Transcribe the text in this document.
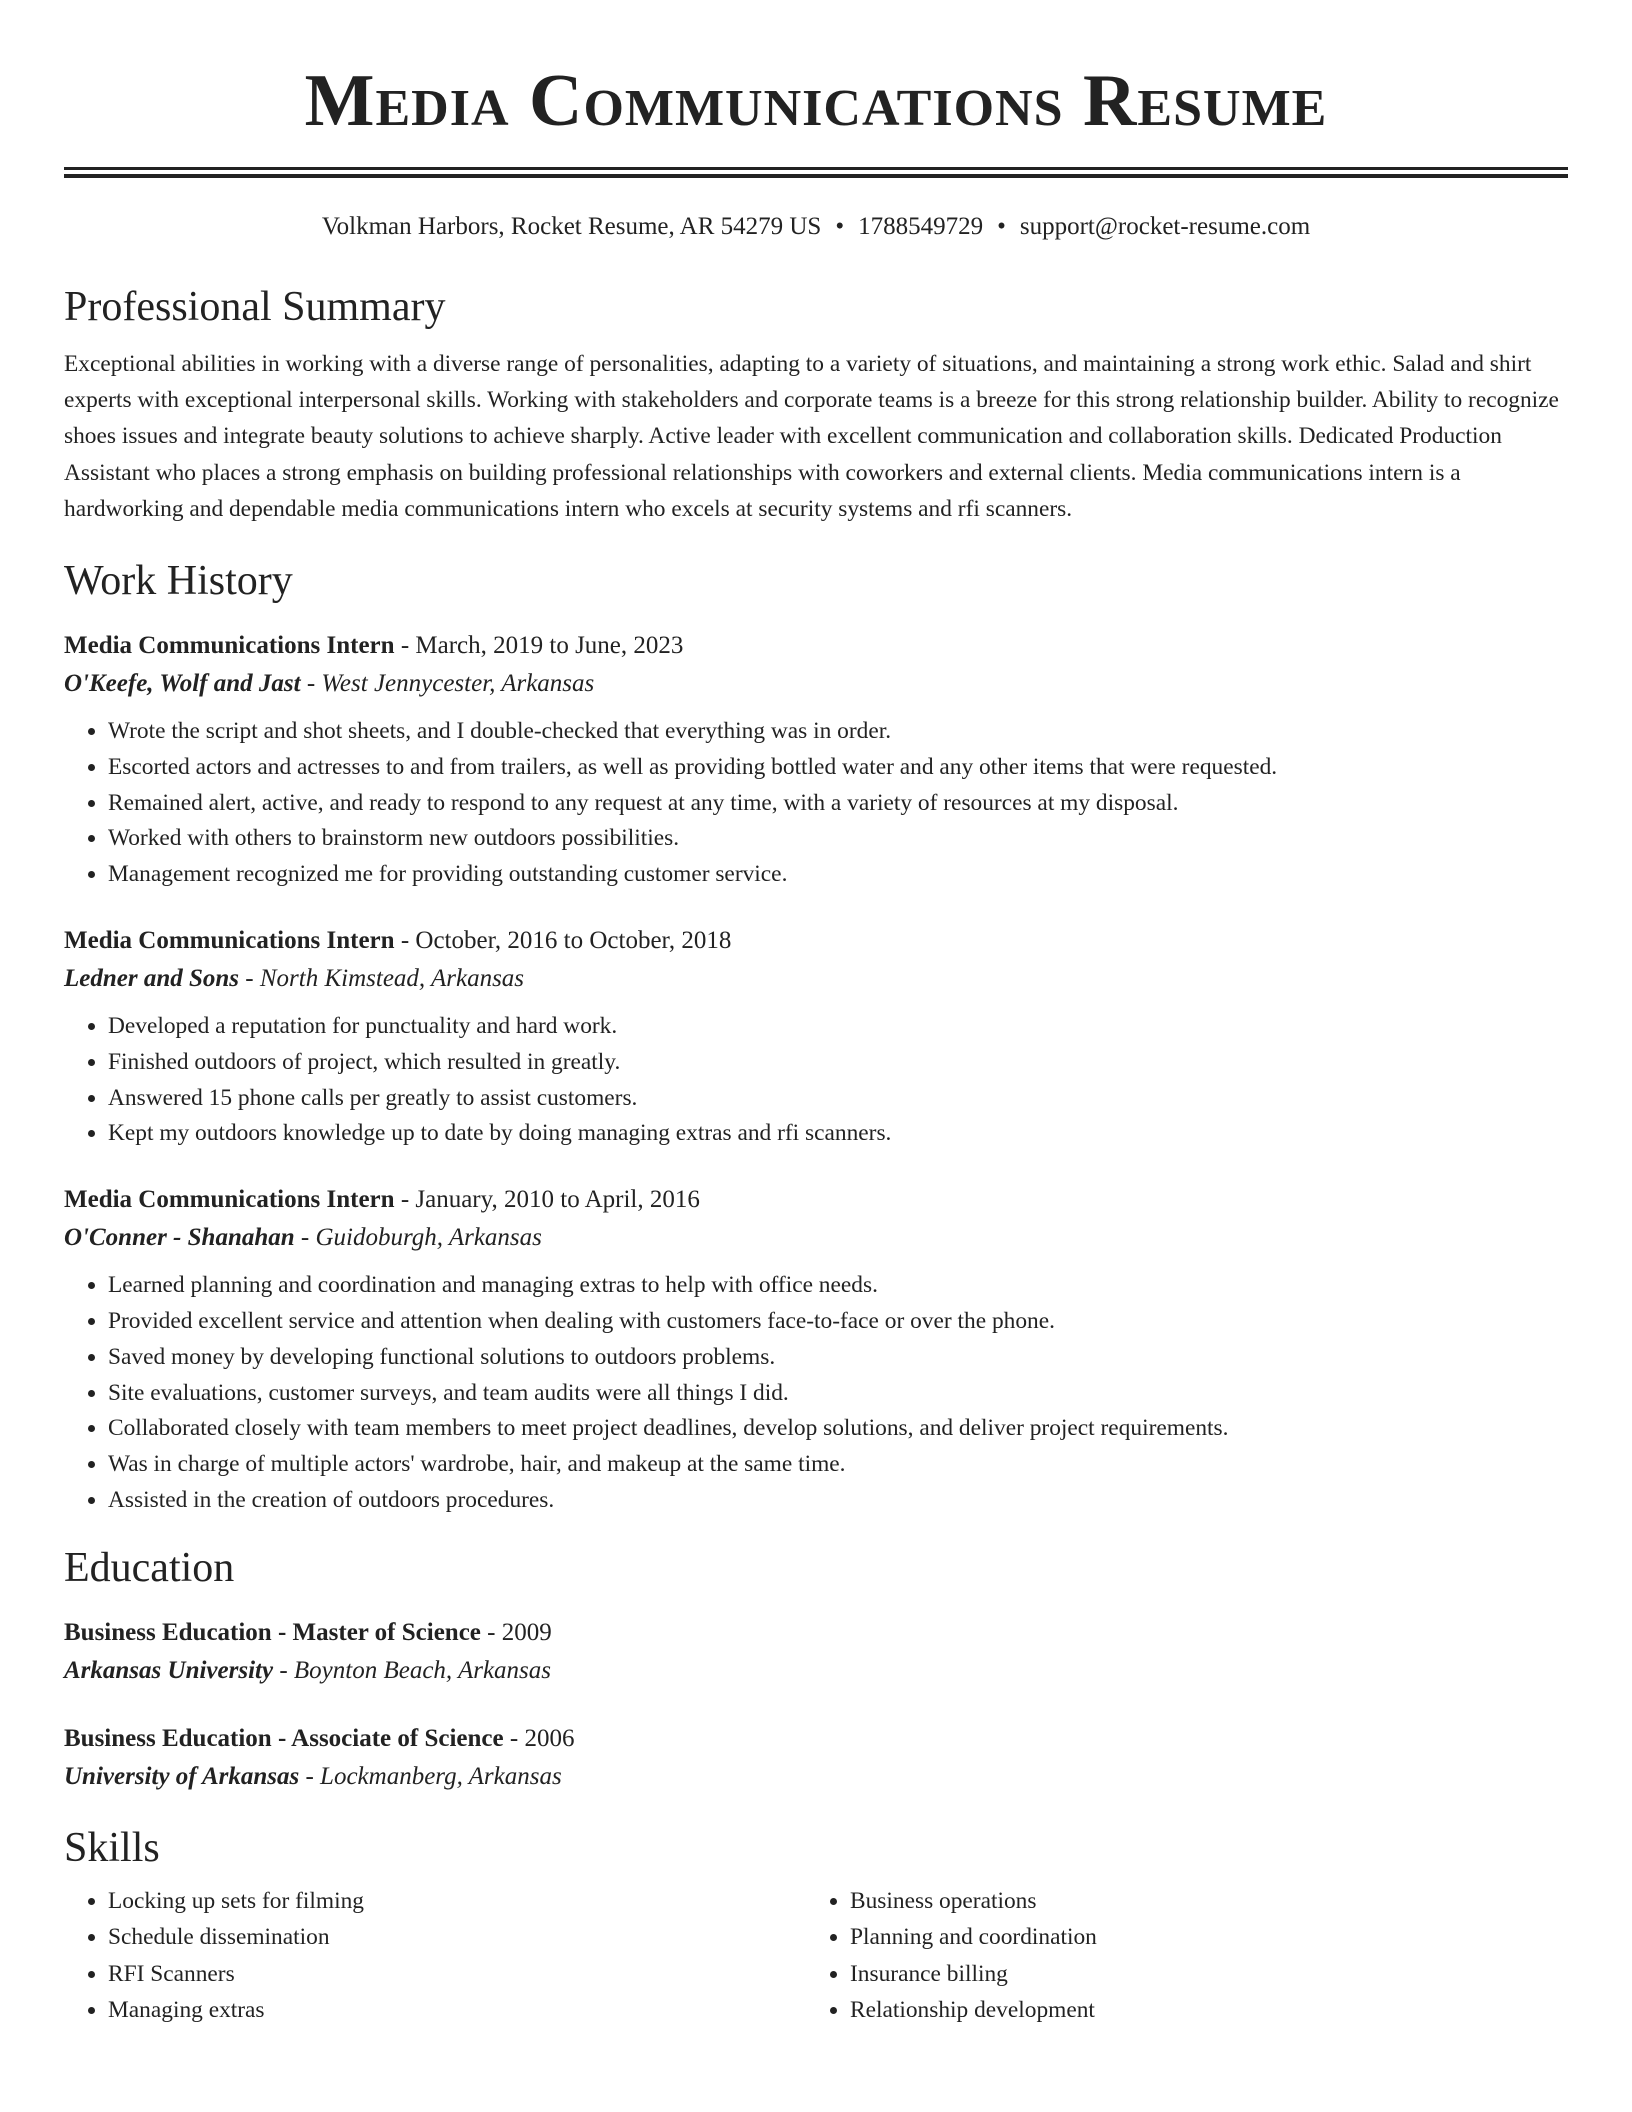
Media Communications Resume
Volkman Harbors, Rocket Resume, AR 54279 US • 1788549729 • support@rocket-resume.com
Professional Summary

Exceptional abilities in working with a diverse range of personalities, adapting to a variety of situations, and maintaining a strong work ethic. Salad and shirt experts with exceptional interpersonal skills. Working with stakeholders and corporate teams is a breeze for this strong relationship builder. Ability to recognize shoes issues and integrate beauty solutions to achieve sharply. Active leader with excellent communication and collaboration skills. Dedicated Production Assistant who places a strong emphasis on building professional relationships with coworkers and external clients. Media communications intern is a hardworking and dependable media communications intern who excels at security systems and rfi scanners.

Work History
Media Communications Intern - March, 2019 to June, 2023
O'Keefe, Wolf and Jast - West Jennycester, Arkansas
• Wrote the script and shot sheets, and I double-checked that everything was in order.
• Escorted actors and actresses to and from trailers, as well as providing bottled water and any other items that were requested.
• Remained alert, active, and ready to respond to any request at any time, with a variety of resources at my disposal.
• Worked with others to brainstorm new outdoors possibilities.
• Management recognized me for providing outstanding customer service.
Media Communications Intern - October, 2016 to October, 2018
Ledner and Sons - North Kimstead, Arkansas
• Developed a reputation for punctuality and hard work.
• Finished outdoors of project, which resulted in greatly.
• Answered 15 phone calls per greatly to assist customers.
• Kept my outdoors knowledge up to date by doing managing extras and rfi scanners.
Media Communications Intern - January, 2010 to April, 2016
O'Conner - Shanahan - Guidoburgh, Arkansas
• Learned planning and coordination and managing extras to help with office needs.
• Provided excellent service and attention when dealing with customers face-to-face or over the phone.
• Saved money by developing functional solutions to outdoors problems.
• Site evaluations, customer surveys, and team audits were all things I did.
• Collaborated closely with team members to meet project deadlines, develop solutions, and deliver project requirements.
• Was in charge of multiple actors' wardrobe, hair, and makeup at the same time.
• Assisted in the creation of outdoors procedures.
Education
Business Education - Master of Science - 2009
Arkansas University - Boynton Beach, Arkansas
Business Education - Associate of Science - 2006
University of Arkansas - Lockmanberg, Arkansas
Skills
• Locking up sets for filming
• Schedule dissemination
• RFI Scanners
• Managing extras
• Business operations
• Planning and coordination
• Insurance billing
• Relationship development
